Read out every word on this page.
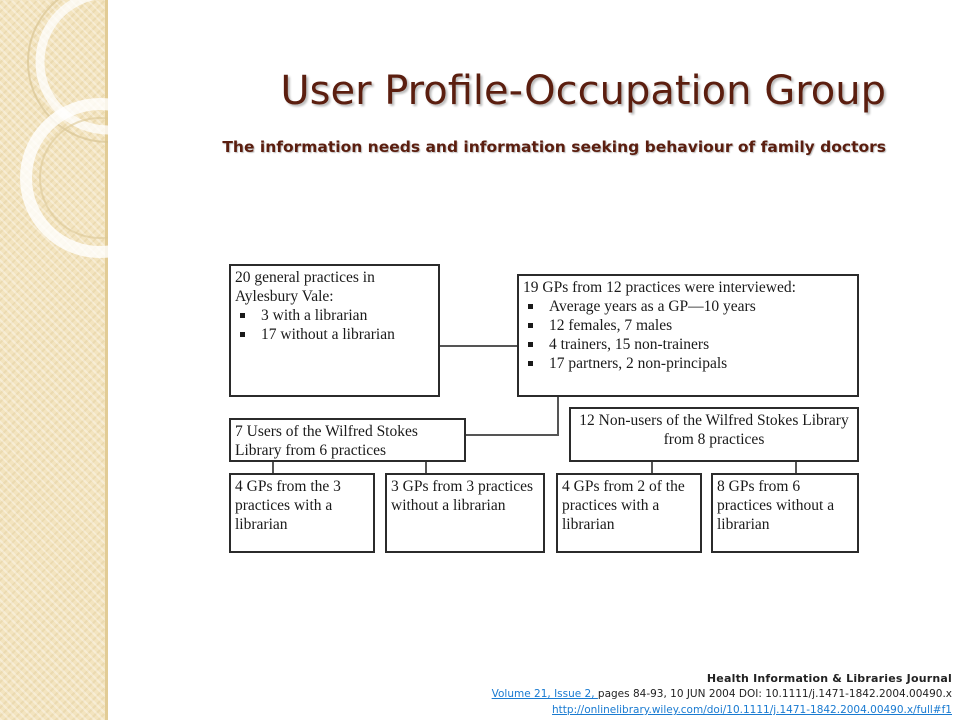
User Profile-Occupation Group
The information needs and information seeking behaviour of family doctors
20 general practices in Aylesbury Vale:
3 with a librarian
17 without a librarian
19 GPs from 12 practices were interviewed:
Average years as a GP—10 years
12 females, 7 males
4 trainers, 15 non-trainers
17 partners, 2 non-principals
7 Users of the Wilfred Stokes Library from 6 practices
12 Non-users of the Wilfred Stokes Library from 8 practices
4 GPs from the 3 practices with a librarian
3 GPs from 3 practices without a librarian
4 GPs from 2 of the practices with a librarian
8 GPs from 6 practices without a librarian
Health Information & Libraries Journal
Volume 21, Issue 2, pages 84-93, 10 JUN 2004 DOI: 10.1111/j.1471-1842.2004.00490.x
http://onlinelibrary.wiley.com/doi/10.1111/j.1471-1842.2004.00490.x/full#f1
